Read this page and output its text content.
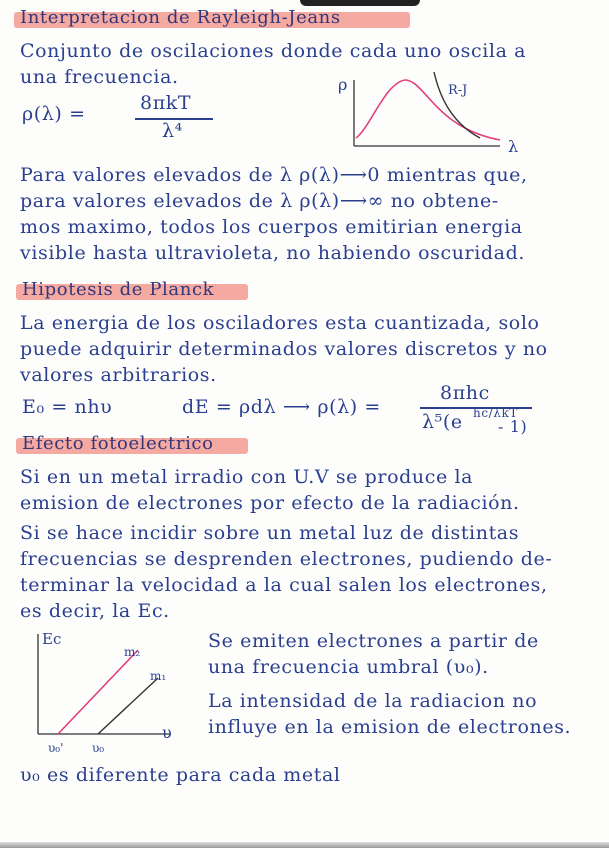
Interpretacion de Rayleigh-Jeans
Conjunto de oscilaciones donde cada uno oscila a
una frecuencia.
ρ(λ) =	8πkT
λ⁴
ρ
λ
R-J
Para valores elevados de λ ρ(λ)⟶0 mientras que,
para valores elevados de λ ρ(λ)⟶∞ no obtene-
mos maximo, todos los cuerpos emitirian energia
visible hasta ultravioleta, no habiendo oscuridad.
Hipotesis de Planck
La energia de los osciladores esta cuantizada, solo
puede adquirir determinados valores discretos y no
valores arbitrarios.
E₀ = nhυ	dE = ρdλ ⟶ ρ(λ) =
8πhc
λ⁵(e hc/λkT
- 1)
Efecto fotoelectrico
Si en un metal irradio con U.V se produce la
emision de electrones por efecto de la radiación.
Si se hace incidir sobre un metal luz de distintas
frecuencias se desprenden electrones, pudiendo de-
terminar la velocidad a la cual salen los electrones,
es decir, la Ec.
Ec
υ
m₂
m₁
υ₀' υ₀
Se emiten electrones a partir de
una frecuencia umbral (υ₀).
La intensidad de la radiacion no
influye en la emision de electrones.
υ₀ es diferente para cada metal
